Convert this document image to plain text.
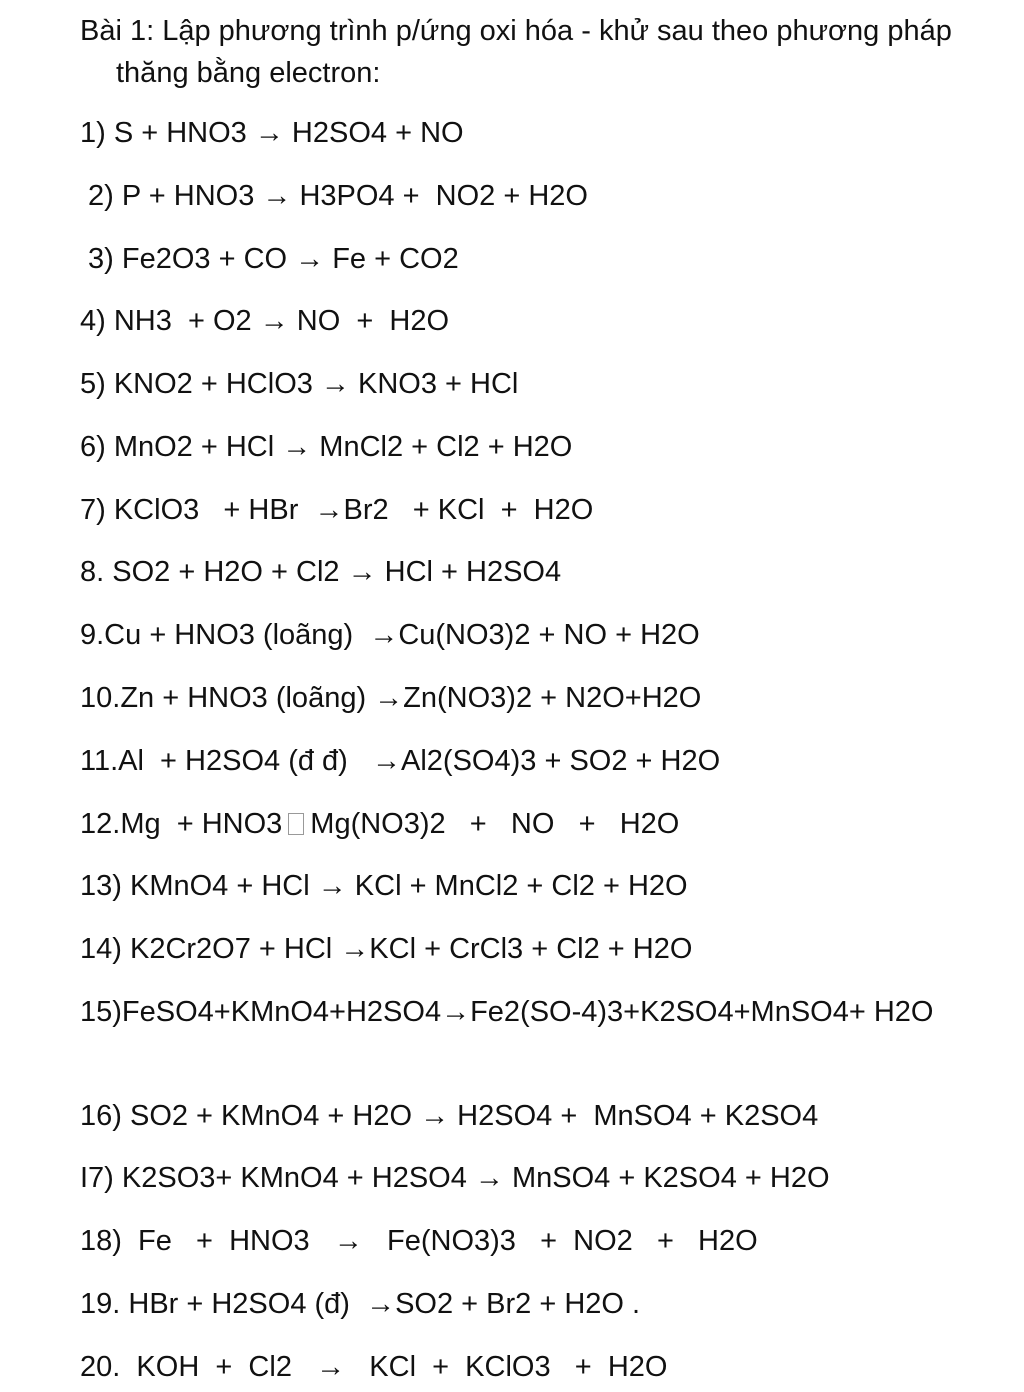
Bài 1: Lập phương trình p/ứng oxi hóa - khử sau theo phương pháp thăng bằng electron:
1) S + HNO3 → H2SO4 + NO
2) P + HNO3 → H3PO4 +  NO2 + H2O
3) Fe2O3 + CO → Fe + CO2
4) NH3  + O2 → NO  +  H2O
5) KNO2 + HClO3 → KNO3 + HCl
6) MnO2 + HCl → MnCl2 + Cl2 + H2O
7) KClO3   + HBr  →Br2   + KCl  +  H2O
8. SO2 + H2O + Cl2 → HCl + H2SO4
9.Cu + HNO3 (loãng)  →Cu(NO3)2 + NO + H2O
10.Zn + HNO3 (loãng) →Zn(NO3)2 + N2O+H2O
11.Al  + H2SO4 (đ đ)   →Al2(SO4)3 + SO2 + H2O
12.Mg  + HNO3 Mg(NO3)2   +   NO   +   H2O
13) KMnO4 + HCl → KCl + MnCl2 + Cl2 + H2O
14) K2Cr2O7 + HCl →KCl + CrCl3 + Cl2 + H2O
15)FeSO4+KMnO4+H2SO4→Fe2(SO-4)3+K2SO4+MnSO4+ H2O
16) SO2 + KMnO4 + H2O → H2SO4 +  MnSO4 + K2SO4
I7) K2SO3+ KMnO4 + H2SO4 → MnSO4 + K2SO4 + H2O
18)  Fe   +  HNO3   →   Fe(NO3)3   +  NO2   +   H2O
19. HBr + H2SO4 (đ)  →SO2 + Br2 + H2O .
20.  KOH  +  Cl2   →   KCl  +  KClO3   +  H2O
